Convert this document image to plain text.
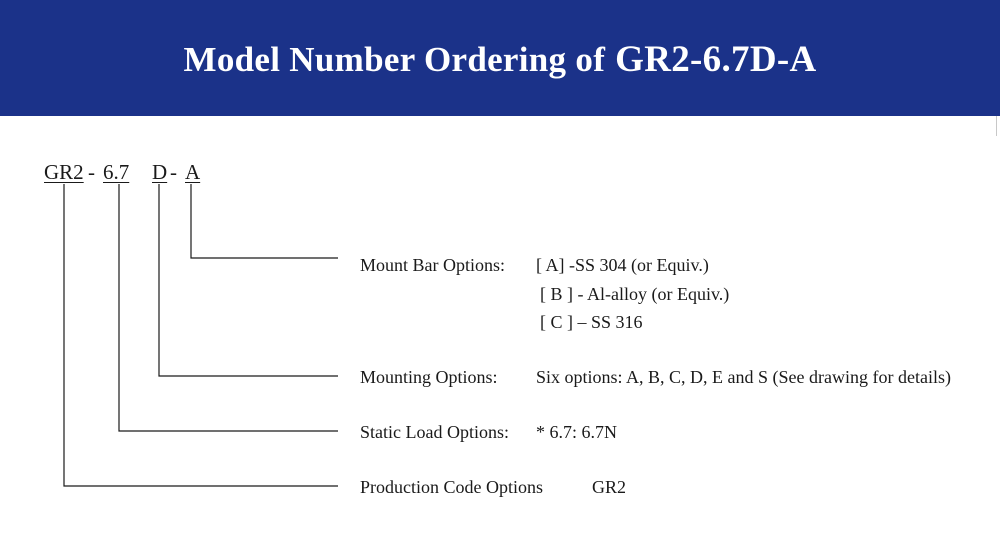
Model Number Ordering of GR2-6.7D-A
GR2 - 6.7 D - A
Mount Bar Options: [ A] -SS 304 (or Equiv.)
[ B ] - Al-alloy (or Equiv.)
[ C ] – SS 316
Mounting Options: Six options: A, B, C, D, E and S (See drawing for details)
Static Load Options: * 6.7: 6.7N
Production Code Options	GR2
